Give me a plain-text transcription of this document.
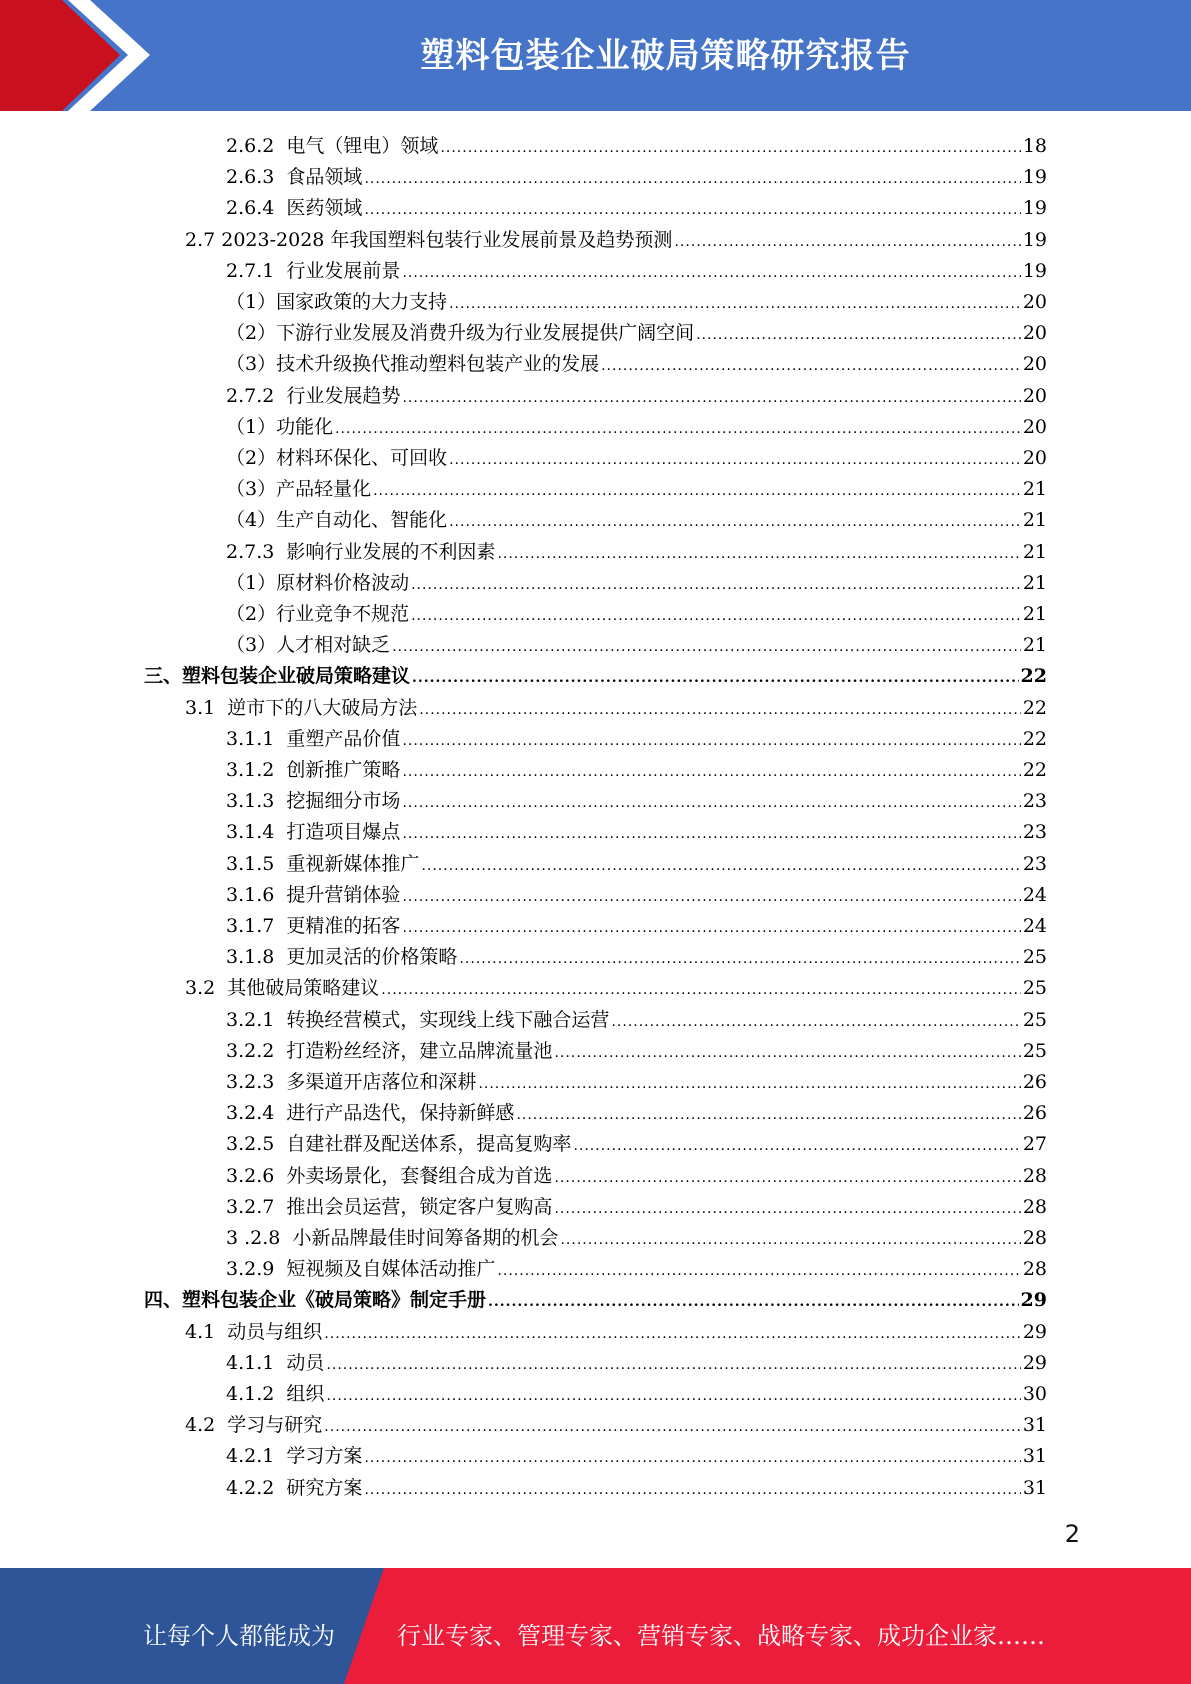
塑料包装企业破局策略研究报告
2.6.2  电气（锂电）领域 .....	18
2.6.3  食品领域 .....	19
2.6.4  医药领域 .....	19
2.7 2023-2028 年我国塑料包装行业发展前景及趋势预测 .....	19
2.7.1  行业发展前景 .....	19
（1）国家政策的大力支持 .....	20
（2）下游行业发展及消费升级为行业发展提供广阔空间 .....	20
（3）技术升级换代推动塑料包装产业的发展 .....	20
2.7.2  行业发展趋势 .....	20
（1）功能化 .....	20
（2）材料环保化、可回收 .....	20
（3）产品轻量化 .....	21
（4）生产自动化、智能化 .....	21
2.7.3  影响行业发展的不利因素 .....	21
（1）原材料价格波动 .....	21
（2）行业竞争不规范 .....	21
（3）人才相对缺乏 .....	21
三、塑料包装企业破局策略建议 .....	22
3.1  逆市下的八大破局方法 .....	22
3.1.1  重塑产品价值 .....	22
3.1.2  创新推广策略 .....	22
3.1.3  挖掘细分市场 .....	23
3.1.4  打造项目爆点 .....	23
3.1.5  重视新媒体推广 .....	23
3.1.6  提升营销体验 .....	24
3.1.7  更精准的拓客 .....	24
3.1.8  更加灵活的价格策略 .....	25
3.2  其他破局策略建议 .....	25
3.2.1  转换经营模式，实现线上线下融合运营 .....	25
3.2.2  打造粉丝经济，建立品牌流量池 .....	25
3.2.3  多渠道开店落位和深耕 .....	26
3.2.4  进行产品迭代，保持新鲜感 .....	26
3.2.5  自建社群及配送体系，提高复购率 .....	27
3.2.6  外卖场景化，套餐组合成为首选 .....	28
3.2.7  推出会员运营，锁定客户复购高 .....	28
3 .2.8  小新品牌最佳时间筹备期的机会 .....	28
3.2.9  短视频及自媒体活动推广 .....	28
四、塑料包装企业《破局策略》制定手册 .....	29
4.1  动员与组织 .....	29
4.1.1  动员 .....	29
4.1.2  组织 .....	30
4.2  学习与研究 .....	31
4.2.1  学习方案 .....	31
4.2.2  研究方案 .....	31
2
让每个人都能成为	行业专家、管理专家、营销专家、战略专家、成功企业家……
